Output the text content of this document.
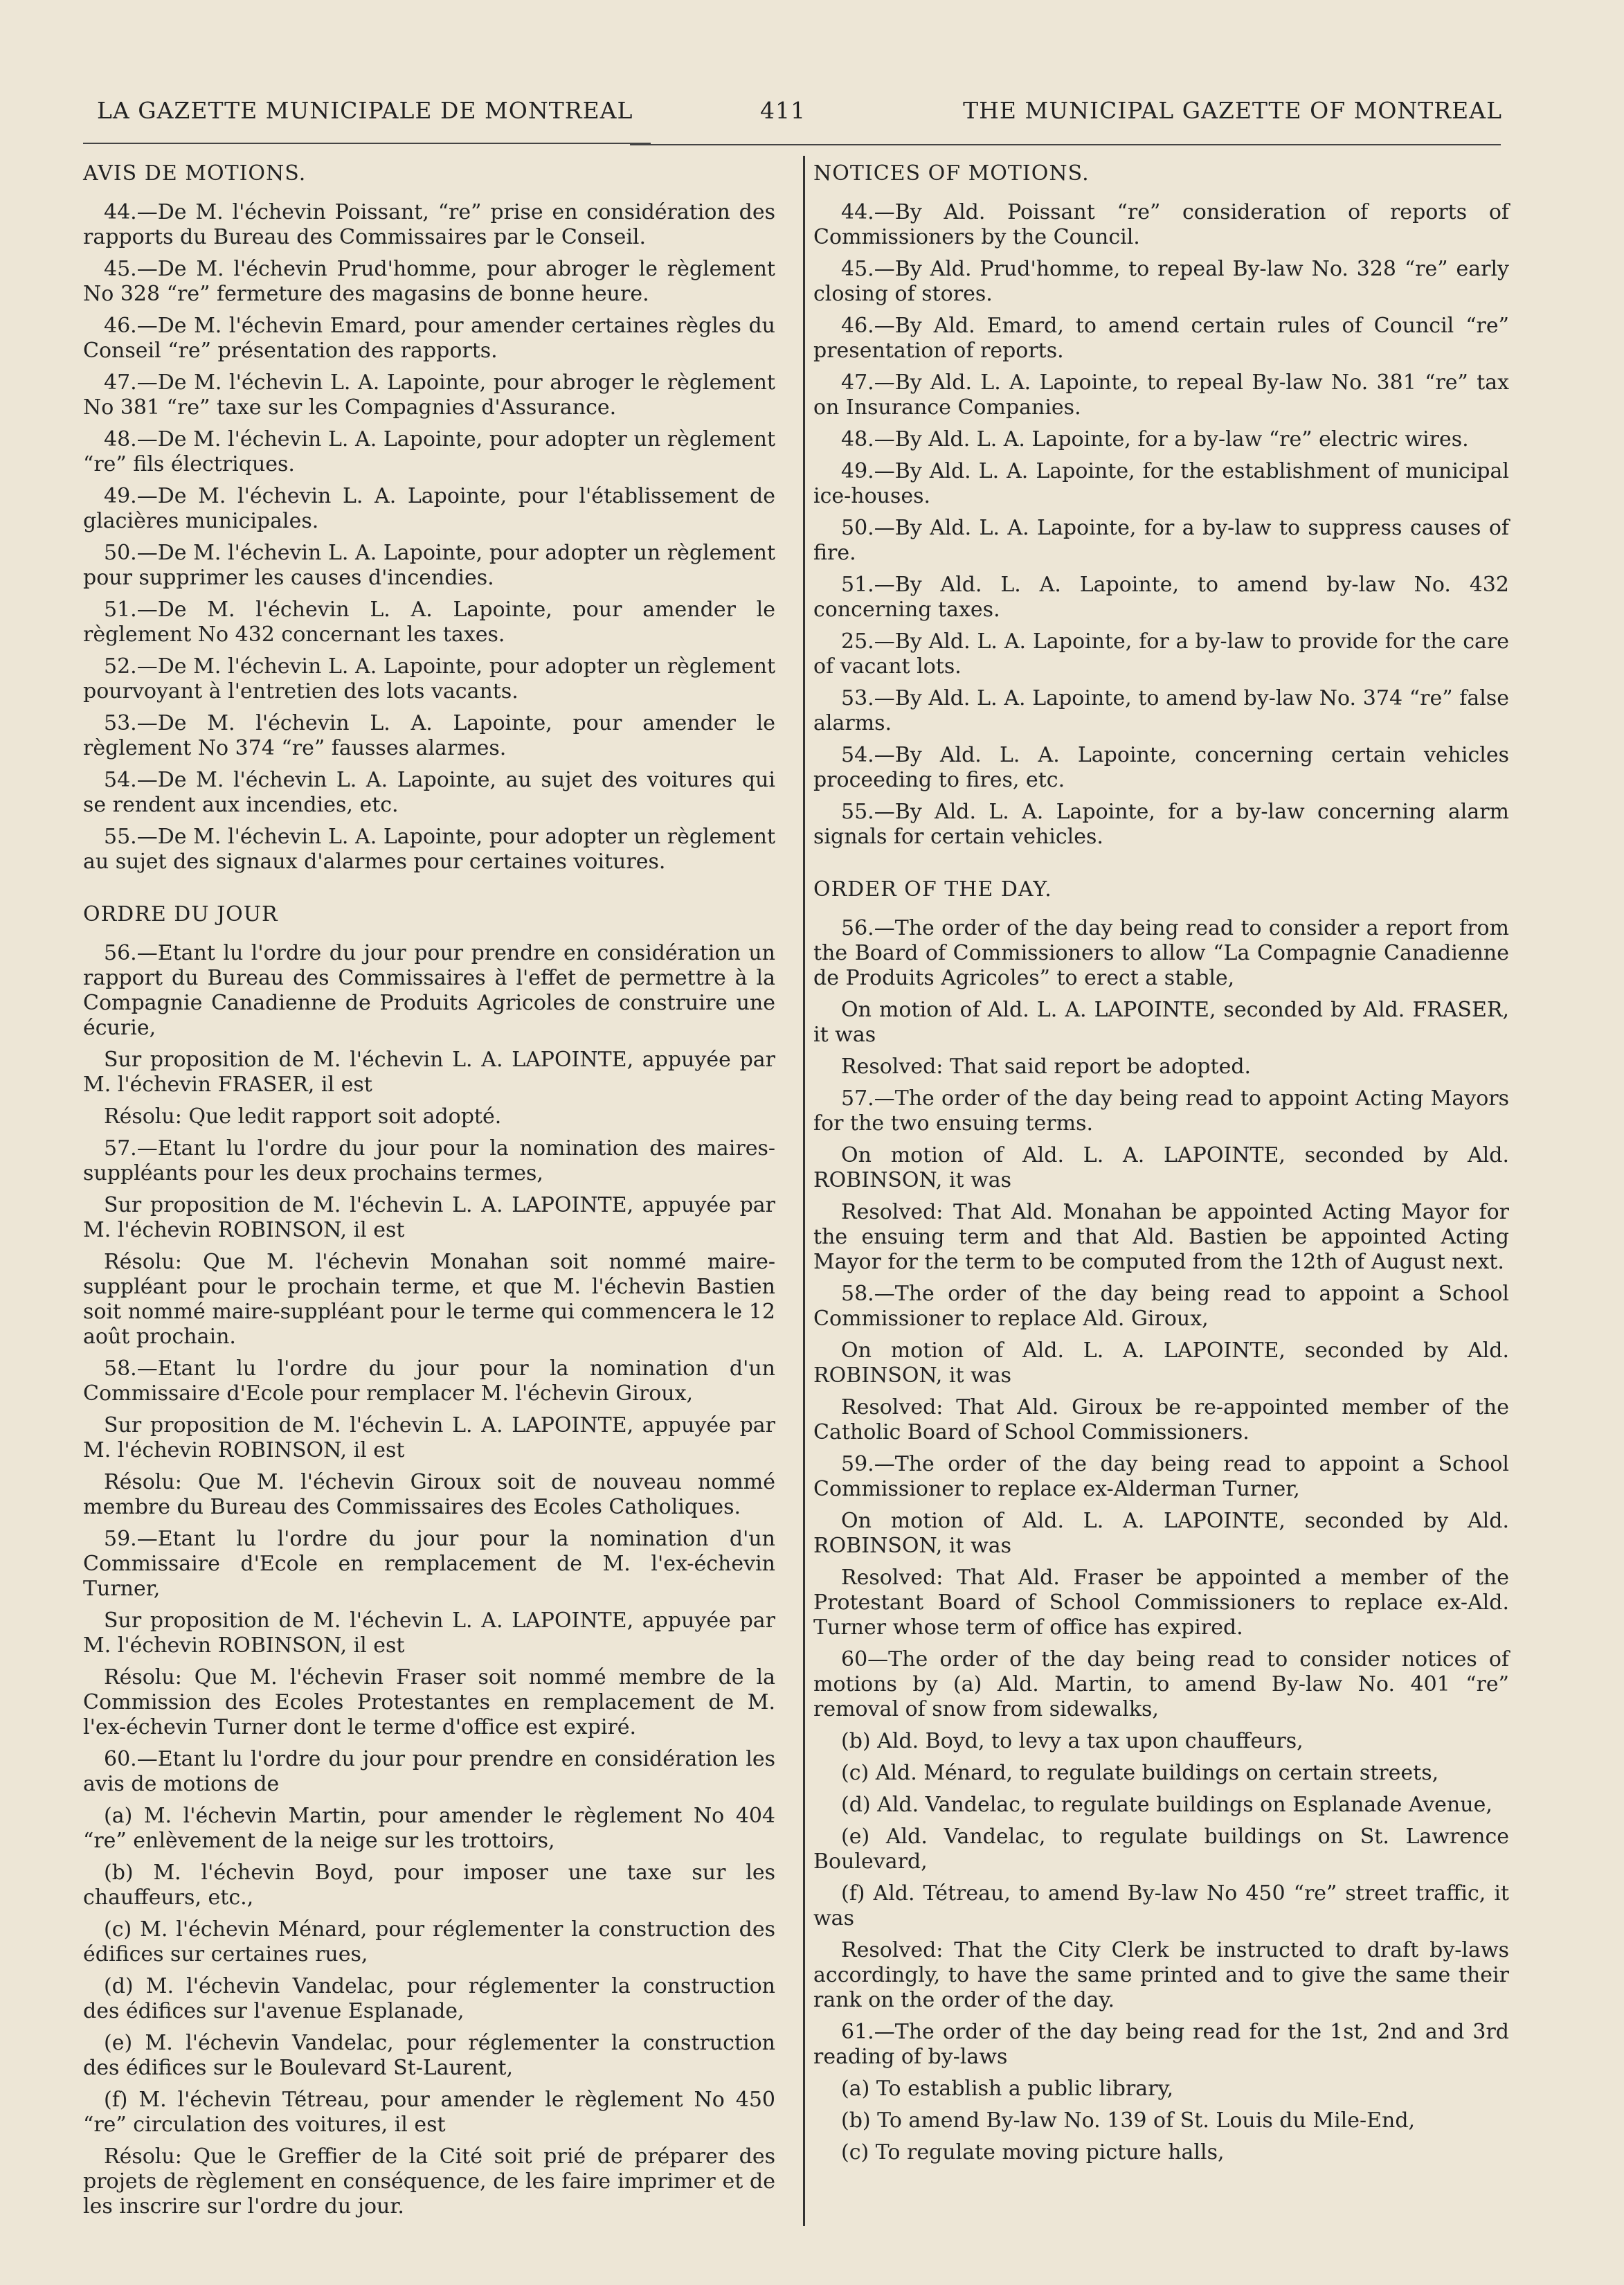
LA GAZETTE MUNICIPALE DE MONTREAL	411	THE MUNICIPAL GAZETTE OF MONTREAL

AVIS DE MOTIONS.

44.—De M. l'échevin Poissant, “re” prise en considération des rapports du Bureau des Commissaires par le Conseil.

45.—De M. l'échevin Prud'homme, pour abroger le règlement No 328 “re” fermeture des magasins de bonne heure.

46.—De M. l'échevin Emard, pour amender certaines règles du Conseil “re” présentation des rapports.

47.—De M. l'échevin L. A. Lapointe, pour abroger le règlement No 381 “re” taxe sur les Compagnies d'Assurance.

48.—De M. l'échevin L. A. Lapointe, pour adopter un règlement “re” fils électriques.

49.—De M. l'échevin L. A. Lapointe, pour l'établissement de glacières municipales.

50.—De M. l'échevin L. A. Lapointe, pour adopter un règlement pour supprimer les causes d'incendies.

51.—De M. l'échevin L. A. Lapointe, pour amender le règlement No 432 concernant les taxes.

52.—De M. l'échevin L. A. Lapointe, pour adopter un règlement pourvoyant à l'entretien des lots vacants.

53.—De M. l'échevin L. A. Lapointe, pour amender le règlement No 374 “re” fausses alarmes.

54.—De M. l'échevin L. A. Lapointe, au sujet des voitures qui se rendent aux incendies, etc.

55.—De M. l'échevin L. A. Lapointe, pour adopter un règlement au sujet des signaux d'alarmes pour certaines voitures.

ORDRE DU JOUR

56.—Etant lu l'ordre du jour pour prendre en considération un rapport du Bureau des Commissaires à l'effet de permettre à la Compagnie Canadienne de Produits Agricoles de construire une écurie,

Sur proposition de M. l'échevin L. A. LAPOINTE, appuyée par M. l'échevin FRASER, il est

Résolu: Que ledit rapport soit adopté.

57.—Etant lu l'ordre du jour pour la nomination des maires-suppléants pour les deux prochains termes,

Sur proposition de M. l'échevin L. A. LAPOINTE, appuyée par M. l'échevin ROBINSON, il est

Résolu: Que M. l'échevin Monahan soit nommé maire-suppléant pour le prochain terme, et que M. l'échevin Bastien soit nommé maire-suppléant pour le terme qui commencera le 12 août prochain.

58.—Etant lu l'ordre du jour pour la nomination d'un Commissaire d'Ecole pour remplacer M. l'échevin Giroux,

Sur proposition de M. l'échevin L. A. LAPOINTE, appuyée par M. l'échevin ROBINSON, il est

Résolu: Que M. l'échevin Giroux soit de nouveau nommé membre du Bureau des Commissaires des Ecoles Catholiques.

59.—Etant lu l'ordre du jour pour la nomination d'un Commissaire d'Ecole en remplacement de M. l'ex-échevin Turner,

Sur proposition de M. l'échevin L. A. LAPOINTE, appuyée par M. l'échevin ROBINSON, il est

Résolu: Que M. l'échevin Fraser soit nommé membre de la Commission des Ecoles Protestantes en remplacement de M. l'ex-échevin Turner dont le terme d'office est expiré.

60.—Etant lu l'ordre du jour pour prendre en considération les avis de motions de

(a) M. l'échevin Martin, pour amender le règlement No 404 “re” enlèvement de la neige sur les trottoirs,

(b) M. l'échevin Boyd, pour imposer une taxe sur les chauffeurs, etc.,

(c) M. l'échevin Ménard, pour réglementer la construction des édifices sur certaines rues,

(d) M. l'échevin Vandelac, pour réglementer la construction des édifices sur l'avenue Esplanade,

(e) M. l'échevin Vandelac, pour réglementer la construction des édifices sur le Boulevard St-Laurent,

(f) M. l'échevin Tétreau, pour amender le règlement No 450 “re” circulation des voitures, il est

Résolu: Que le Greffier de la Cité soit prié de préparer des projets de règlement en conséquence, de les faire imprimer et de les inscrire sur l'ordre du jour.

NOTICES OF MOTIONS.

44.—By Ald. Poissant “re” consideration of reports of Commissioners by the Council.

45.—By Ald. Prud'homme, to repeal By-law No. 328 “re” early closing of stores.

46.—By Ald. Emard, to amend certain rules of Council “re” presentation of reports.

47.—By Ald. L. A. Lapointe, to repeal By-law No. 381 “re” tax on Insurance Companies.

48.—By Ald. L. A. Lapointe, for a by-law “re” electric wires.

49.—By Ald. L. A. Lapointe, for the establishment of municipal ice-houses.

50.—By Ald. L. A. Lapointe, for a by-law to suppress causes of fire.

51.—By Ald. L. A. Lapointe, to amend by-law No. 432 concerning taxes.

25.—By Ald. L. A. Lapointe, for a by-law to provide for the care of vacant lots.

53.—By Ald. L. A. Lapointe, to amend by-law No. 374 “re” false alarms.

54.—By Ald. L. A. Lapointe, concerning certain vehicles proceeding to fires, etc.

55.—By Ald. L. A. Lapointe, for a by-law concerning alarm signals for certain vehicles.

ORDER OF THE DAY.

56.—The order of the day being read to consider a report from the Board of Commissioners to allow “La Compagnie Canadienne de Produits Agricoles” to erect a stable,

On motion of Ald. L. A. LAPOINTE, seconded by Ald. FRASER, it was

Resolved: That said report be adopted.

57.—The order of the day being read to appoint Acting Mayors for the two ensuing terms.

On motion of Ald. L. A. LAPOINTE, seconded by Ald. ROBINSON, it was

Resolved: That Ald. Monahan be appointed Acting Mayor for the ensuing term and that Ald. Bastien be appointed Acting Mayor for the term to be computed from the 12th of August next.

58.—The order of the day being read to appoint a School Commissioner to replace Ald. Giroux,

On motion of Ald. L. A. LAPOINTE, seconded by Ald. ROBINSON, it was

Resolved: That Ald. Giroux be re-appointed member of the Catholic Board of School Commissioners.

59.—The order of the day being read to appoint a School Commissioner to replace ex-Alderman Turner,

On motion of Ald. L. A. LAPOINTE, seconded by Ald. ROBINSON, it was

Resolved: That Ald. Fraser be appointed a member of the Protestant Board of School Commissioners to replace ex-Ald. Turner whose term of office has expired.

60—The order of the day being read to consider notices of motions by (a) Ald. Martin, to amend By-law No. 401 “re” removal of snow from sidewalks,

(b) Ald. Boyd, to levy a tax upon chauffeurs,

(c) Ald. Ménard, to regulate buildings on certain streets,

(d) Ald. Vandelac, to regulate buildings on Esplanade Avenue,

(e) Ald. Vandelac, to regulate buildings on St. Lawrence Boulevard,

(f) Ald. Tétreau, to amend By-law No 450 “re” street traffic, it was

Resolved: That the City Clerk be instructed to draft by-laws accordingly, to have the same printed and to give the same their rank on the order of the day.

61.—The order of the day being read for the 1st, 2nd and 3rd reading of by-laws

(a) To establish a public library,

(b) To amend By-law No. 139 of St. Louis du Mile-End,

(c) To regulate moving picture halls,
